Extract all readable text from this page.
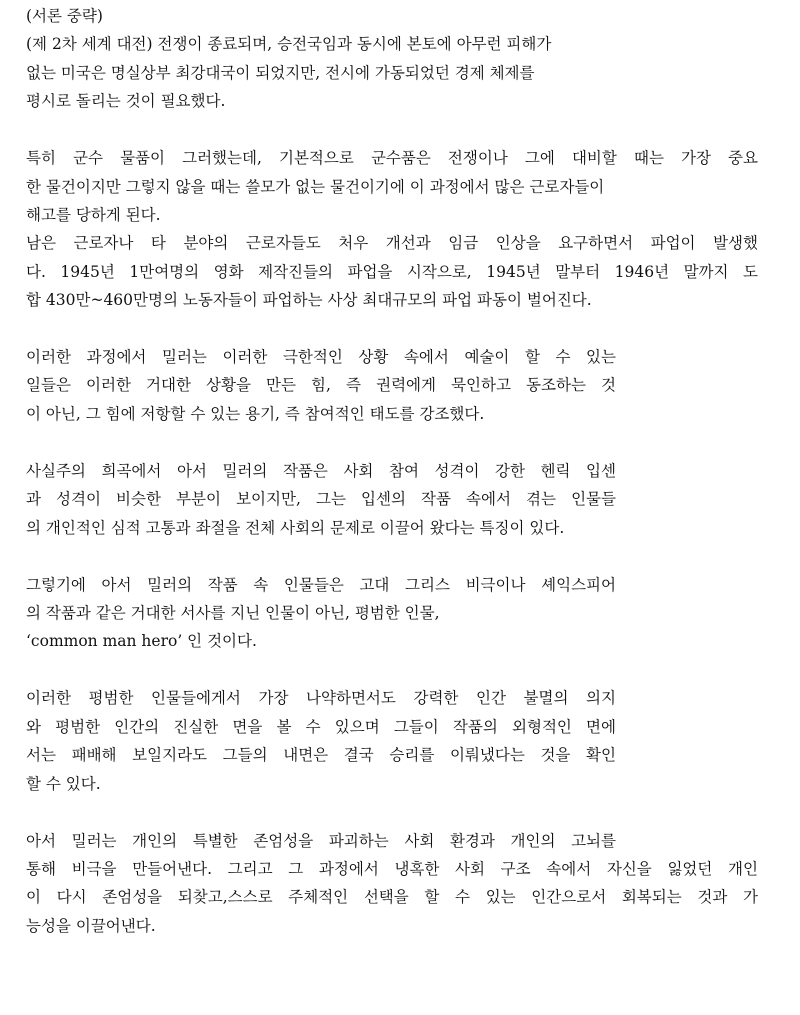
(서론 중략)
(제 2차 세계 대전) 전쟁이 종료되며, 승전국임과 동시에 본토에 아무런 피해가
없는 미국은 명실상부 최강대국이 되었지만, 전시에 가동되었던 경제 체제를
평시로 돌리는 것이 필요했다.
특히 군수 물품이 그러했는데, 기본적으로 군수품은 전쟁이나 그에 대비할 때는 가장 중요
한 물건이지만 그렇지 않을 때는 쓸모가 없는 물건이기에 이 과정에서 많은 근로자들이
해고를 당하게 된다.
남은 근로자나 타 분야의 근로자들도 처우 개선과 임금 인상을 요구하면서 파업이 발생했
다. 1945년 1만여명의 영화 제작진들의 파업을 시작으로, 1945년 말부터 1946년 말까지 도
합 430만~460만명의 노동자들이 파업하는 사상 최대규모의 파업 파동이 벌어진다.
이러한 과정에서 밀러는 이러한 극한적인 상황 속에서 예술이 할 수 있는
일들은 이러한 거대한 상황을 만든 힘, 즉 권력에게 묵인하고 동조하는 것
이 아닌, 그 힘에 저항할 수 있는 용기, 즉 참여적인 태도를 강조했다.
사실주의 희곡에서 아서 밀러의 작품은 사회 참여 성격이 강한 헨릭 입센
과 성격이 비슷한 부분이 보이지만, 그는 입센의 작품 속에서 겪는 인물들
의 개인적인 심적 고통과 좌절을 전체 사회의 문제로 이끌어 왔다는 특징이 있다.
그렇기에 아서 밀러의 작품 속 인물들은 고대 그리스 비극이나 셰익스피어
의 작품과 같은 거대한 서사를 지닌 인물이 아닌, 평범한 인물,
‘common man hero’ 인 것이다.
이러한 평범한 인물들에게서 가장 나약하면서도 강력한 인간 불멸의 의지
와 평범한 인간의 진실한 면을 볼 수 있으며 그들이 작품의 외형적인 면에
서는 패배해 보일지라도 그들의 내면은 결국 승리를 이뤄냈다는 것을 확인
할 수 있다.
아서 밀러는 개인의 특별한 존엄성을 파괴하는 사회 환경과 개인의 고뇌를
통해 비극을 만들어낸다. 그리고 그 과정에서 냉혹한 사회 구조 속에서 자신을 잃었던 개인
이 다시 존엄성을 되찾고,스스로 주체적인 선택을 할 수 있는 인간으로서 회복되는 것과 가
능성을 이끌어낸다.
